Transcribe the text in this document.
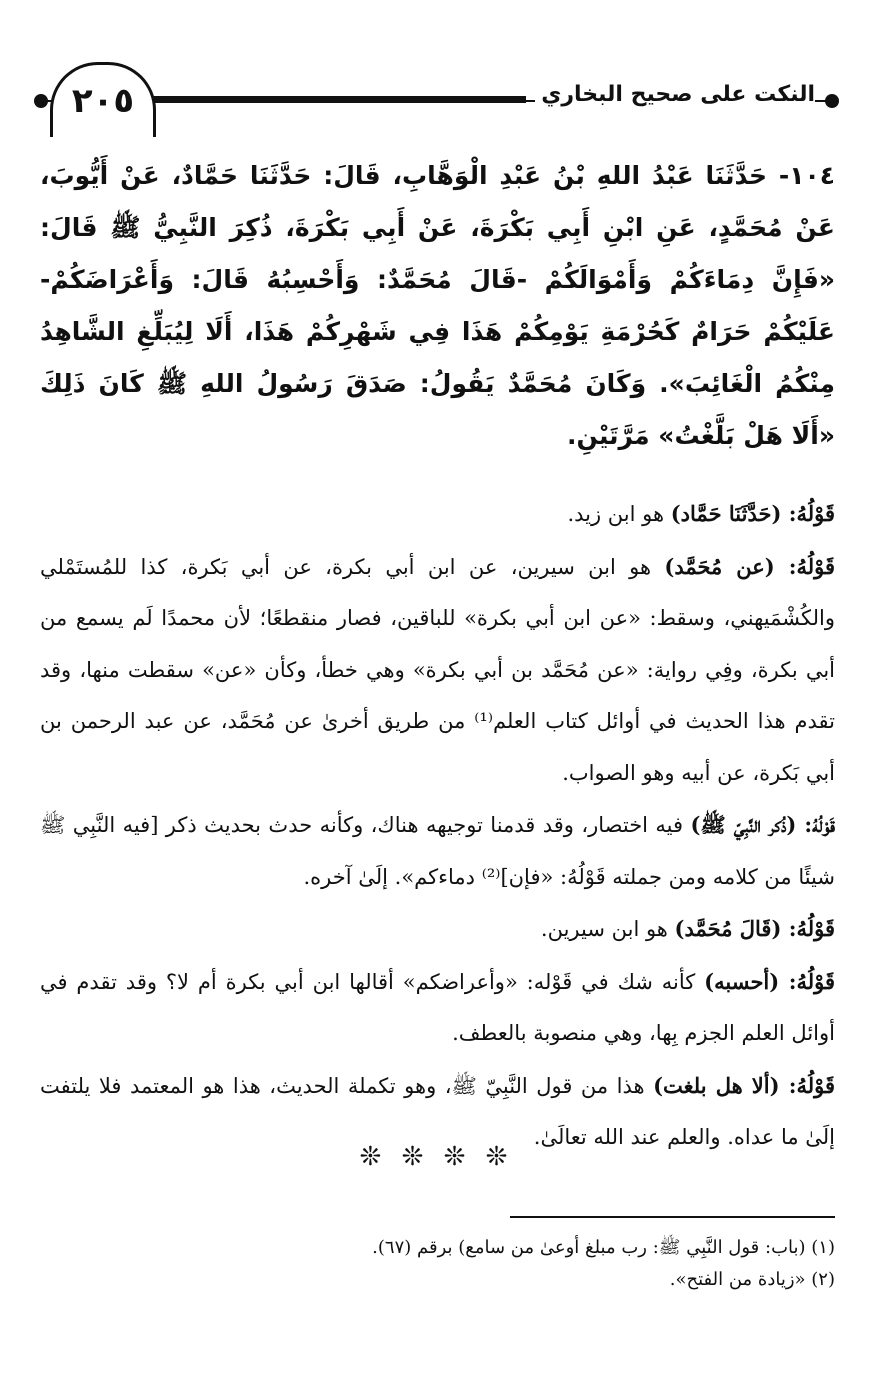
٢٠٥	النكت على صحيح البخاري

١٠٤- حَدَّثَنَا عَبْدُ اللهِ بْنُ عَبْدِ الْوَهَّابِ، قَالَ: حَدَّثَنَا حَمَّادٌ، عَنْ أَيُّوبَ، عَنْ مُحَمَّدٍ، عَنِ ابْنِ أَبِي بَكْرَةَ، عَنْ أَبِي بَكْرَةَ، ذُكِرَ النَّبِيُّ ﷺ قَالَ: «فَإِنَّ دِمَاءَكُمْ وَأَمْوَالَكُمْ -قَالَ مُحَمَّدٌ: وَأَحْسِبُهُ قَالَ: وَأَعْرَاضَكُمْ- عَلَيْكُمْ حَرَامٌ كَحُرْمَةِ يَوْمِكُمْ هَذَا فِي شَهْرِكُمْ هَذَا، أَلَا لِيُبَلِّغِ الشَّاهِدُ مِنْكُمُ الْغَائِبَ». وَكَانَ مُحَمَّدٌ يَقُولُ: صَدَقَ رَسُولُ اللهِ ﷺ كَانَ ذَلِكَ «أَلَا هَلْ بَلَّغْتُ» مَرَّتَيْنِ.

قَوْلُهُ: (حَدَّثَنَا حَمَّاد) هو ابن زيد.

قَوْلُهُ: (عن مُحَمَّد) هو ابن سيرين، عن ابن أبي بكرة، عن أبي بَكرة، كذا للمُستَمْلي والكُشْمَيهني، وسقط: «عن ابن أبي بكرة» للباقين، فصار منقطعًا؛ لأن محمدًا لَم يسمع من أبي بكرة، وفِي رواية: «عن مُحَمَّد بن أبي بكرة» وهي خطأ، وكأن «عن» سقطت منها، وقد تقدم هذا الحديث في أوائل كتاب العلم⁽¹⁾ من طريق أخرىٰ عن مُحَمَّد، عن عبد الرحمن بن أبي بَكرة، عن أبيه وهو الصواب.

قَوْلُهُ: (ذُكر النَّبِيّ ﷺ) فيه اختصار، وقد قدمنا توجيهه هناك، وكأنه حدث بحديث ذكر [فيه النَّبِي ﷺ شيئًا من كلامه ومن جملته قَوْلُهُ: «فإن]⁽²⁾ دماءكم». إلَىٰ آخره.

قَوْلُهُ: (قَالَ مُحَمَّد) هو ابن سيرين.

قَوْلُهُ: (أحسبه) كأنه شك في قَوْله: «وأعراضكم» أقالها ابن أبي بكرة أم لا؟ وقد تقدم في أوائل العلم الجزم بِها، وهي منصوبة بالعطف.

قَوْلُهُ: (ألا هل بلغت) هذا من قول النَّبِيّ ﷺ، وهو تكملة الحديث، هذا هو المعتمد فلا يلتفت إلَىٰ ما عداه. والعلم عند الله تعالَىٰ.

❊ ❊ ❊ ❊

(١) (باب: قول النَّبِي ﷺ: رب مبلغ أوعىٰ من سامع) برقم (٦٧).

(٢) «زيادة من الفتح».
